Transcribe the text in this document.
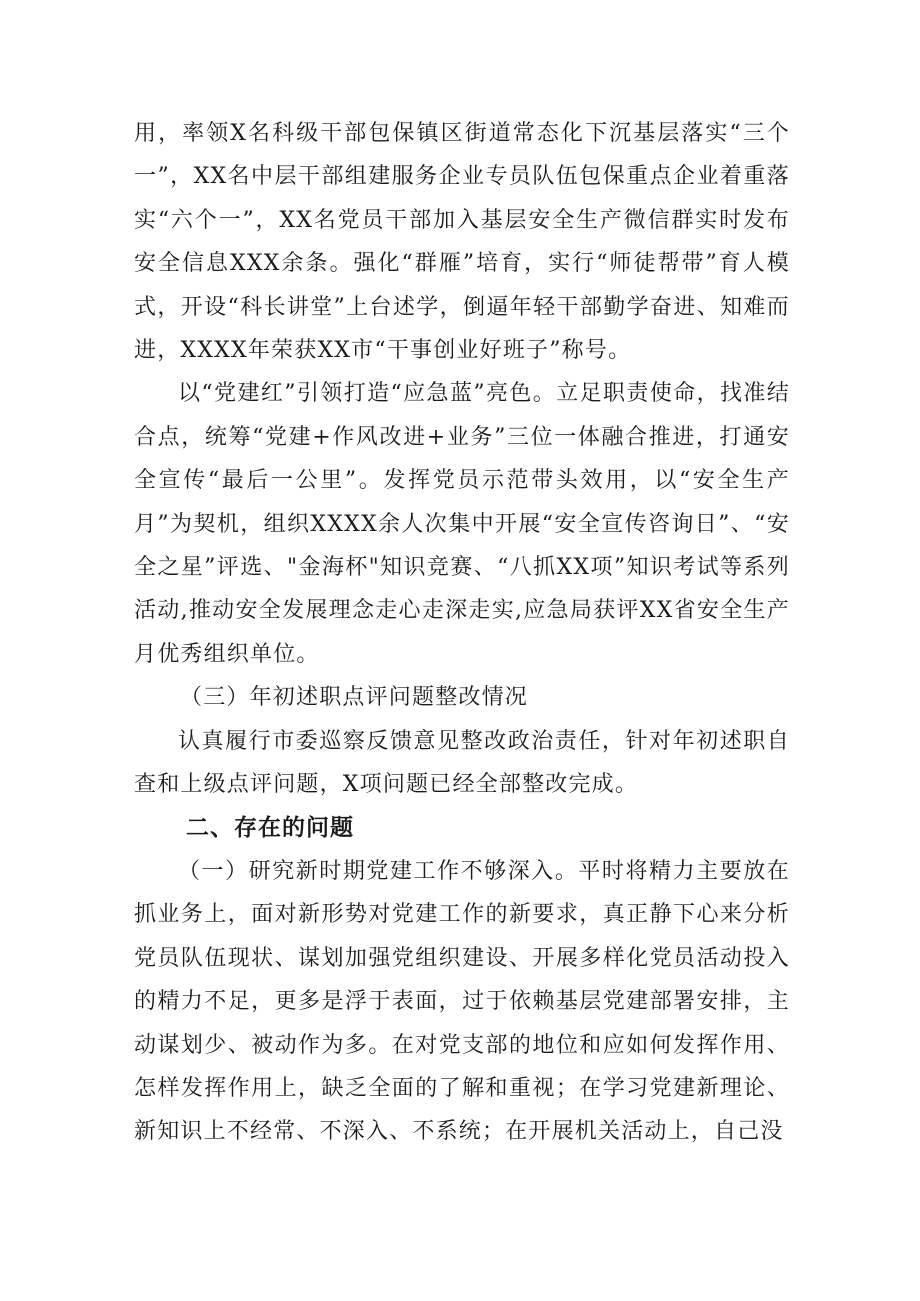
用，率领X名科级干部包保镇区街道常态化下沉基层落实“三个一”，XX名中层干部组建服务企业专员队伍包保重点企业着重落实“六个一”，XX名党员干部加入基层安全生产微信群实时发布安全信息XXX余条。强化“群雁”培育，实行“师徒帮带”育人模式，开设“科长讲堂”上台述学，倒逼年轻干部勤学奋进、知难而进，XXXX年荣获XX市“干事创业好班子”称号。

以“党建红”引领打造“应急蓝”亮色。立足职责使命，找准结合点，统筹“党建+作风改进+业务”三位一体融合推进，打通安全宣传“最后一公里”。发挥党员示范带头效用，以“安全生产月”为契机，组织XXXX余人次集中开展“安全宣传咨询日”、“安全之星”评选、"金海杯"知识竞赛、“八抓XX项”知识考试等系列活动,推动安全发展理念走心走深走实,应急局获评XX省安全生产月优秀组织单位。

（三）年初述职点评问题整改情况

认真履行市委巡察反馈意见整改政治责任，针对年初述职自查和上级点评问题，X项问题已经全部整改完成。

二、存在的问题

（一）研究新时期党建工作不够深入。平时将精力主要放在抓业务上，面对新形势对党建工作的新要求，真正静下心来分析党员队伍现状、谋划加强党组织建设、开展多样化党员活动投入的精力不足，更多是浮于表面，过于依赖基层党建部署安排，主动谋划少、被动作为多。在对党支部的地位和应如何发挥作用、怎样发挥作用上，缺乏全面的了解和重视；在学习党建新理论、新知识上不经常、不深入、不系统；在开展机关活动上，自己没
